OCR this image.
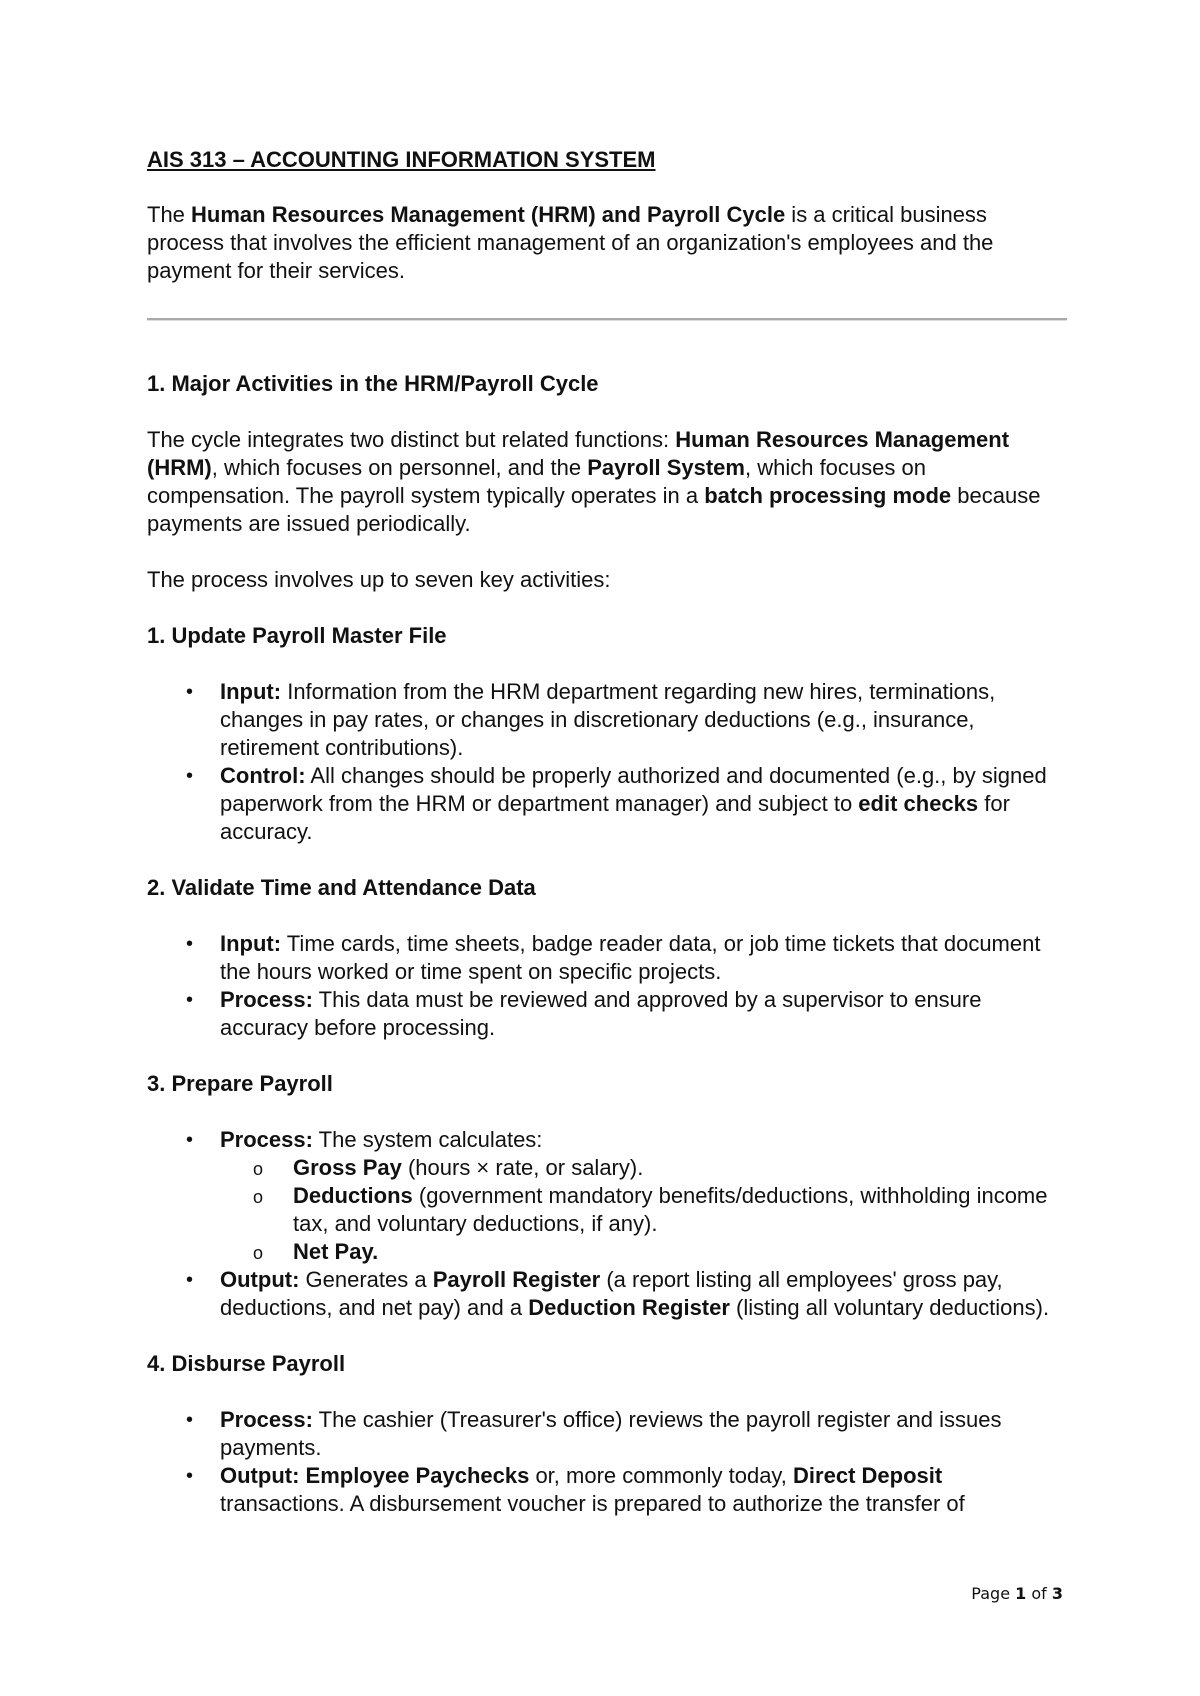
AIS 313 – ACCOUNTING INFORMATION SYSTEM

The Human Resources Management (HRM) and Payroll Cycle is a critical business process that involves the efficient management of an organization's employees and the payment for their services.

1. Major Activities in the HRM/Payroll Cycle

The cycle integrates two distinct but related functions: Human Resources Management (HRM), which focuses on personnel, and the Payroll System, which focuses on compensation. The payroll system typically operates in a batch processing mode because payments are issued periodically.

The process involves up to seven key activities:

1. Update Payroll Master File
• Input: Information from the HRM department regarding new hires, terminations, changes in pay rates, or changes in discretionary deductions (e.g., insurance, retirement contributions).
• Control: All changes should be properly authorized and documented (e.g., by signed paperwork from the HRM or department manager) and subject to edit checks for accuracy.
2. Validate Time and Attendance Data
• Input: Time cards, time sheets, badge reader data, or job time tickets that document the hours worked or time spent on specific projects.
• Process: This data must be reviewed and approved by a supervisor to ensure accuracy before processing.
3. Prepare Payroll
• Process: The system calculates:
o Gross Pay (hours × rate, or salary).
o Deductions (government mandatory benefits/deductions, withholding income tax, and voluntary deductions, if any).
o Net Pay.
• Output: Generates a Payroll Register (a report listing all employees' gross pay, deductions, and net pay) and a Deduction Register (listing all voluntary deductions).
4. Disburse Payroll
• Process: The cashier (Treasurer's office) reviews the payroll register and issues payments.
• Output: Employee Paychecks or, more commonly today, Direct Deposit transactions. A disbursement voucher is prepared to authorize the transfer of
Page 1 of 3
